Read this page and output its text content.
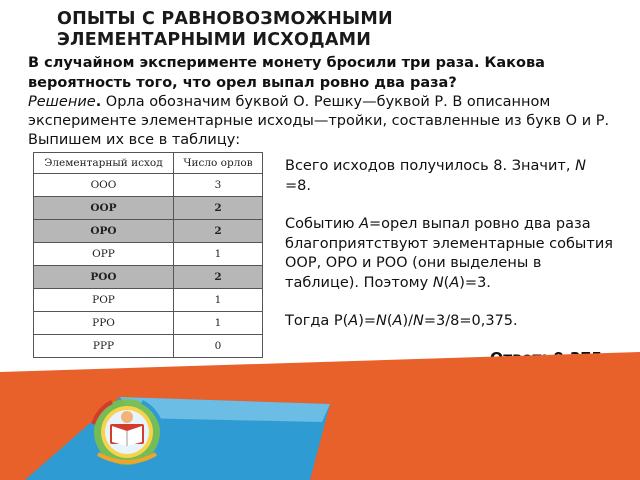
ОПЫТЫ С РАВНОВОЗМОЖНЫМИ
ЭЛЕМЕНТАРНЫМИ ИСХОДАМИ
В случайном эксперименте монету бросили три раза. Какова вероятность того, что орел выпал ровно два раза?
Решение. Орла обозначим буквой О. Решку—буквой Р. В описанном эксперименте элементарные исходы—тройки, составленные из букв О и Р. Выпишем их все в таблицу:
Элементарный исход	Число орлов
ООО	3
ООР	2
ОРО	2
ОРР	1
РОО	2
РОР	1
РРО	1
РРР	0

Всего исходов получилось 8. Значит, N =8.

Событию A=орел выпал ровно два раза благоприятствуют элементарные события ООР, ОРО и РОО (они выделены в таблице). Поэтому N(A)=3.

Тогда P(A)=N(A)/N=3/8=0,375.
